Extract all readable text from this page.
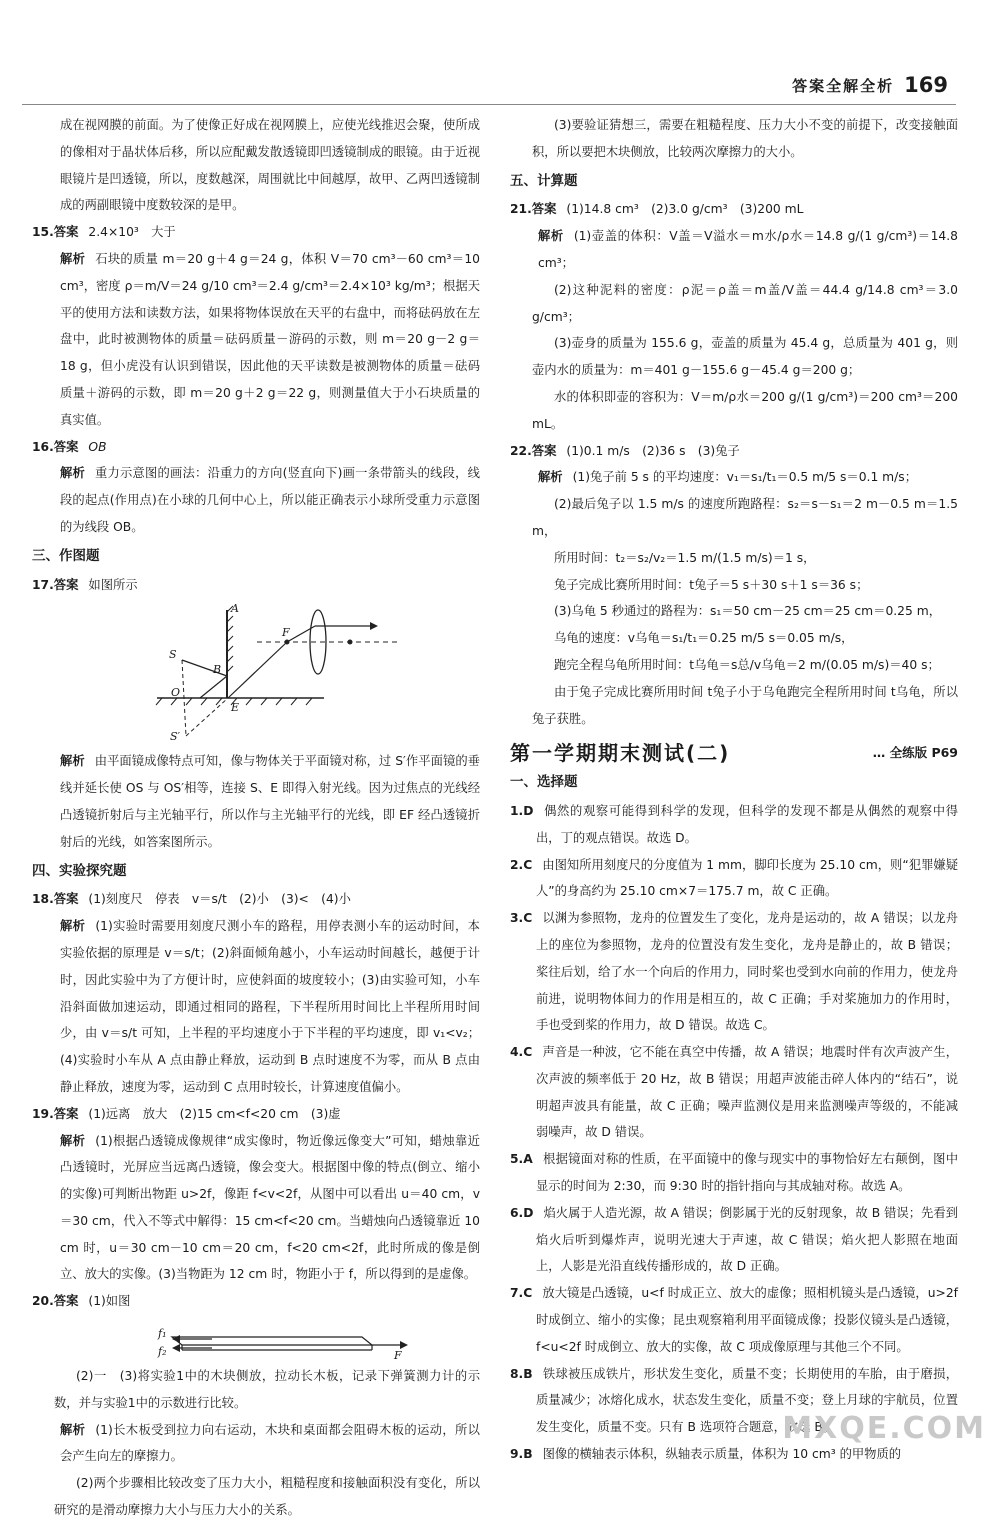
答案全解全析 169

成在视网膜的前面。为了使像正好成在视网膜上，应使光线推迟会聚，使所成的像相对于晶状体后移，所以应配戴发散透镜即凹透镜制成的眼镜。由于近视眼镜片是凹透镜，所以，度数越深，周围就比中间越厚，故甲、乙两凹透镜制成的两副眼镜中度数较深的是甲。

15.答案 2.4×10³　大于

解析 石块的质量 m＝20 g＋4 g＝24 g，体积 V＝70 cm³－60 cm³＝10 cm³，密度 ρ＝m/V＝24 g/10 cm³＝2.4 g/cm³＝2.4×10³ kg/m³；根据天平的使用方法和读数方法，如果将物体误放在天平的右盘中，而将砝码放在左盘中，此时被测物体的质量＝砝码质量－游码的示数，则 m＝20 g－2 g＝18 g，但小虎没有认识到错误，因此他的天平读数是被测物体的质量＝砝码质量＋游码的示数，即 m＝20 g＋2 g＝22 g，则测量值大于小石块质量的真实值。

16.答案 OB

解析 重力示意图的画法：沿重力的方向(竖直向下)画一条带箭头的线段，线段的起点(作用点)在小球的几何中心上，所以能正确表示小球所受重力示意图的为线段 OB。

三、作图题

17.答案 如图所示

A
S
B
O
E
F
S′

解析 由平面镜成像特点可知，像与物体关于平面镜对称，过 S′作平面镜的垂线并延长使 OS 与 OS′相等，连接 S、E 即得入射光线。因为过焦点的光线经凸透镜折射后与主光轴平行，所以作与主光轴平行的光线，即 EF 经凸透镜折射后的光线，如答案图所示。

四、实验探究题

18.答案 (1)刻度尺　停表　v＝s/t　(2)小　(3)<　(4)小

解析 (1)实验时需要用刻度尺测小车的路程，用停表测小车的运动时间，本实验依据的原理是 v＝s/t；(2)斜面倾角越小，小车运动时间越长，越便于计时，因此实验中为了方便计时，应使斜面的坡度较小；(3)由实验可知，小车沿斜面做加速运动，即通过相同的路程，下半程所用时间比上半程所用时间少，由 v＝s/t 可知，上半程的平均速度小于下半程的平均速度，即 v₁<v₂；(4)实验时小车从 A 点由静止释放，运动到 B 点时速度不为零，而从 B 点由静止释放，速度为零，运动到 C 点用时较长，计算速度值偏小。

19.答案 (1)远离　放大　(2)15 cm<f<20 cm　(3)虚

解析 (1)根据凸透镜成像规律“成实像时，物近像远像变大”可知，蜡烛靠近凸透镜时，光屏应当远离凸透镜，像会变大。根据图中像的特点(倒立、缩小的实像)可判断出物距 u>2f，像距 f<v<2f，从图中可以看出 u＝40 cm，v＝30 cm，代入不等式中解得：15 cm<f<20 cm。当蜡烛向凸透镜靠近 10 cm 时，u＝30 cm－10 cm＝20 cm，f<20 cm<2f，此时所成的像是倒立、放大的实像。(3)当物距为 12 cm 时，物距小于 f，所以得到的是虚像。

20.答案 (1)如图

f₁
f₂	F

(2)一　(3)将实验1中的木块侧放，拉动长木板，记录下弹簧测力计的示数，并与实验1中的示数进行比较。

解析 (1)长木板受到拉力向右运动，木块和桌面都会阻碍木板的运动，所以会产生向左的摩擦力。

(2)两个步骤相比较改变了压力大小，粗糙程度和接触面积没有变化，所以研究的是滑动摩擦力大小与压力大小的关系。

(3)要验证猜想三，需要在粗糙程度、压力大小不变的前提下，改变接触面积，所以要把木块侧放，比较两次摩擦力的大小。

五、计算题

21.答案 (1)14.8 cm³　(2)3.0 g/cm³　(3)200 mL

解析 (1)壶盖的体积：V盖＝V溢水＝m水/ρ水＝14.8 g/(1 g/cm³)＝14.8 cm³；

(2)这种泥料的密度：ρ泥＝ρ盖＝m盖/V盖＝44.4 g/14.8 cm³＝3.0 g/cm³；

(3)壶身的质量为 155.6 g，壶盖的质量为 45.4 g，总质量为 401 g，则壶内水的质量为：m＝401 g－155.6 g－45.4 g＝200 g；

水的体积即壶的容积为：V＝m/ρ水＝200 g/(1 g/cm³)＝200 cm³＝200 mL。

22.答案 (1)0.1 m/s　(2)36 s　(3)兔子

解析 (1)兔子前 5 s 的平均速度：v₁＝s₁/t₁＝0.5 m/5 s＝0.1 m/s；

(2)最后兔子以 1.5 m/s 的速度所跑路程：s₂＝s－s₁＝2 m－0.5 m＝1.5 m，

所用时间：t₂＝s₂/v₂＝1.5 m/(1.5 m/s)＝1 s，

兔子完成比赛所用时间：t兔子＝5 s＋30 s＋1 s＝36 s；

(3)乌龟 5 秒通过的路程为：s₁＝50 cm－25 cm＝25 cm＝0.25 m，

乌龟的速度：v乌龟＝s₁/t₁＝0.25 m/5 s＝0.05 m/s，

跑完全程乌龟所用时间：t乌龟＝s总/v乌龟＝2 m/(0.05 m/s)＝40 s；

由于兔子完成比赛所用时间 t兔子小于乌龟跑完全程所用时间 t乌龟，所以兔子获胜。

第一学期期末测试(二)	… 全练版 P69

一、选择题

1.D 偶然的观察可能得到科学的发现，但科学的发现不都是从偶然的观察中得出，丁的观点错误。故选 D。

2.C 由图知所用刻度尺的分度值为 1 mm，脚印长度为 25.10 cm，则“犯罪嫌疑人”的身高约为 25.10 cm×7＝175.7 m，故 C 正确。

3.C 以渊为参照物，龙舟的位置发生了变化，龙舟是运动的，故 A 错误；以龙舟上的座位为参照物，龙舟的位置没有发生变化，龙舟是静止的，故 B 错误；桨往后划，给了水一个向后的作用力，同时桨也受到水向前的作用力，使龙舟前进，说明物体间力的作用是相互的，故 C 正确；手对桨施加力的作用时，手也受到桨的作用力，故 D 错误。故选 C。

4.C 声音是一种波，它不能在真空中传播，故 A 错误；地震时伴有次声波产生，次声波的频率低于 20 Hz，故 B 错误；用超声波能击碎人体内的“结石”，说明超声波具有能量，故 C 正确；噪声监测仪是用来监测噪声等级的，不能减弱噪声，故 D 错误。

5.A 根据镜面对称的性质，在平面镜中的像与现实中的事物恰好左右颠倒，图中显示的时间为 2:30，而 9:30 时的指针指向与其成轴对称。故选 A。

6.D 焰火属于人造光源，故 A 错误；倒影属于光的反射现象，故 B 错误；先看到焰火后听到爆炸声，说明光速大于声速，故 C 错误；焰火把人影照在地面上，人影是光沿直线传播形成的，故 D 正确。

7.C 放大镜是凸透镜，u<f 时成正立、放大的虚像；照相机镜头是凸透镜，u>2f 时成倒立、缩小的实像；昆虫观察箱利用平面镜成像；投影仪镜头是凸透镜，f<u<2f 时成倒立、放大的实像，故 C 项成像原理与其他三个不同。

8.B 铁球被压成铁片，形状发生变化，质量不变；长期使用的车胎，由于磨损，质量减少；冰熔化成水，状态发生变化，质量不变；登上月球的宇航员，位置发生变化，质量不变。只有 B 选项符合题意，故选 B。

9.B 图像的横轴表示体积，纵轴表示质量，体积为 10 cm³ 的甲物质的

MXQE.COM
